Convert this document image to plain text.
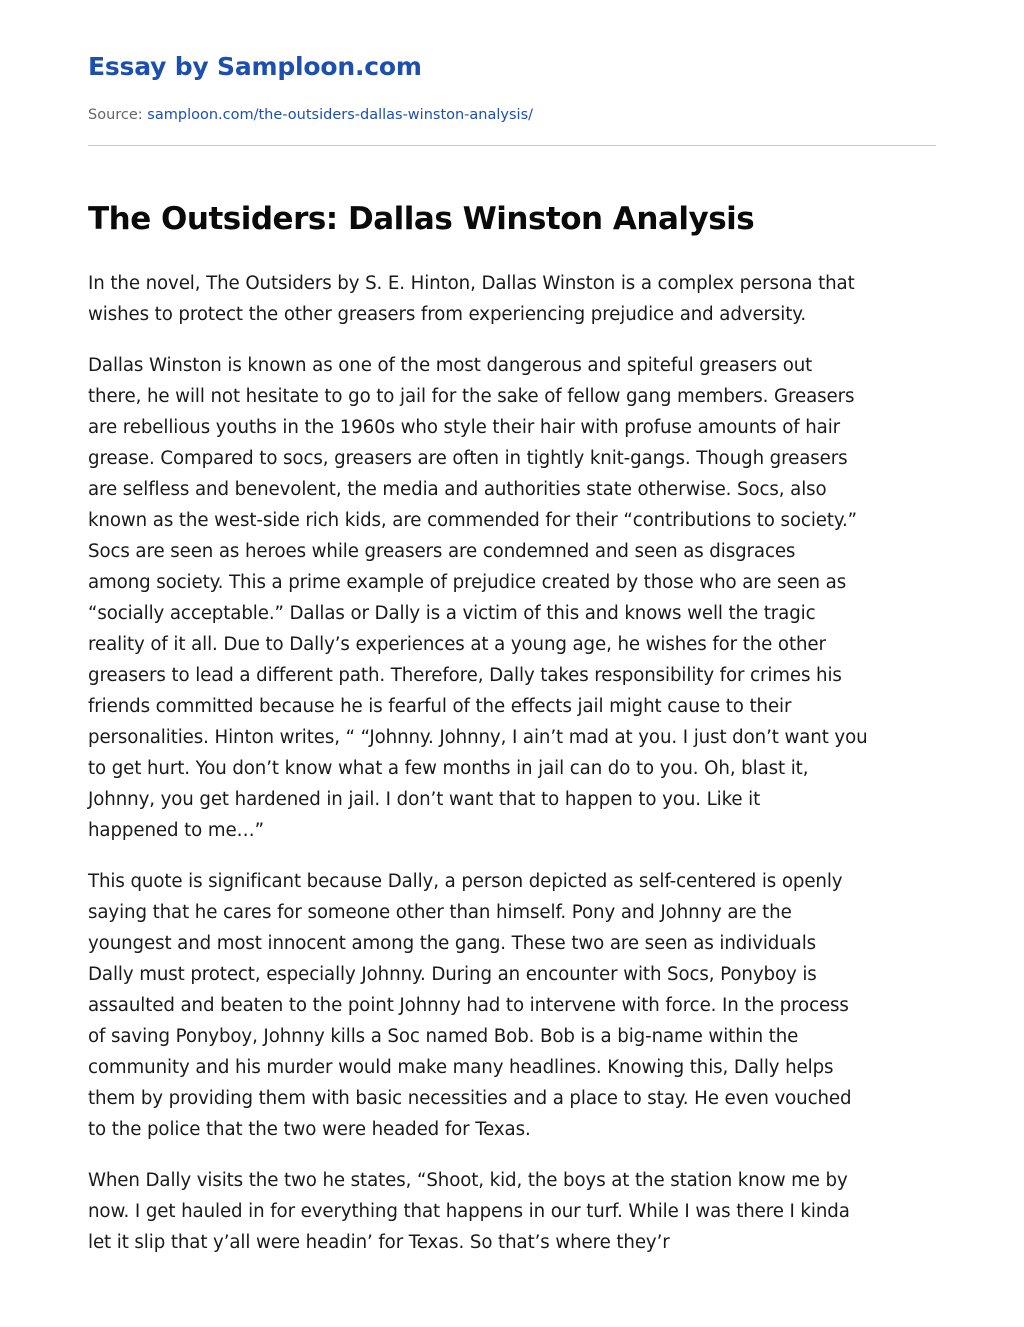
Essay by Samploon.com
Source: samploon.com/the-outsiders-dallas-winston-analysis/
The Outsiders: Dallas Winston Analysis

In the novel, The Outsiders by S. E. Hinton, Dallas Winston is a complex persona that
wishes to protect the other greasers from experiencing prejudice and adversity.

Dallas Winston is known as one of the most dangerous and spiteful greasers out
there, he will not hesitate to go to jail for the sake of fellow gang members. Greasers
are rebellious youths in the 1960s who style their hair with profuse amounts of hair
grease. Compared to socs, greasers are often in tightly knit-gangs. Though greasers
are selfless and benevolent, the media and authorities state otherwise. Socs, also
known as the west-side rich kids, are commended for their “contributions to society.”
Socs are seen as heroes while greasers are condemned and seen as disgraces
among society. This a prime example of prejudice created by those who are seen as
“socially acceptable.” Dallas or Dally is a victim of this and knows well the tragic
reality of it all. Due to Dally’s experiences at a young age, he wishes for the other
greasers to lead a different path. Therefore, Dally takes responsibility for crimes his
friends committed because he is fearful of the effects jail might cause to their
personalities. Hinton writes, “ “Johnny. Johnny, I ain’t mad at you. I just don’t want you
to get hurt. You don’t know what a few months in jail can do to you. Oh, blast it,
Johnny, you get hardened in jail. I don’t want that to happen to you. Like it
happened to me…”

This quote is significant because Dally, a person depicted as self-centered is openly
saying that he cares for someone other than himself. Pony and Johnny are the
youngest and most innocent among the gang. These two are seen as individuals
Dally must protect, especially Johnny. During an encounter with Socs, Ponyboy is
assaulted and beaten to the point Johnny had to intervene with force. In the process
of saving Ponyboy, Johnny kills a Soc named Bob. Bob is a big-name within the
community and his murder would make many headlines. Knowing this, Dally helps
them by providing them with basic necessities and a place to stay. He even vouched
to the police that the two were headed for Texas.

When Dally visits the two he states, “Shoot, kid, the boys at the station know me by
now. I get hauled in for everything that happens in our turf. While I was there I kinda
let it slip that y’all were headin’ for Texas. So that’s where they’r
